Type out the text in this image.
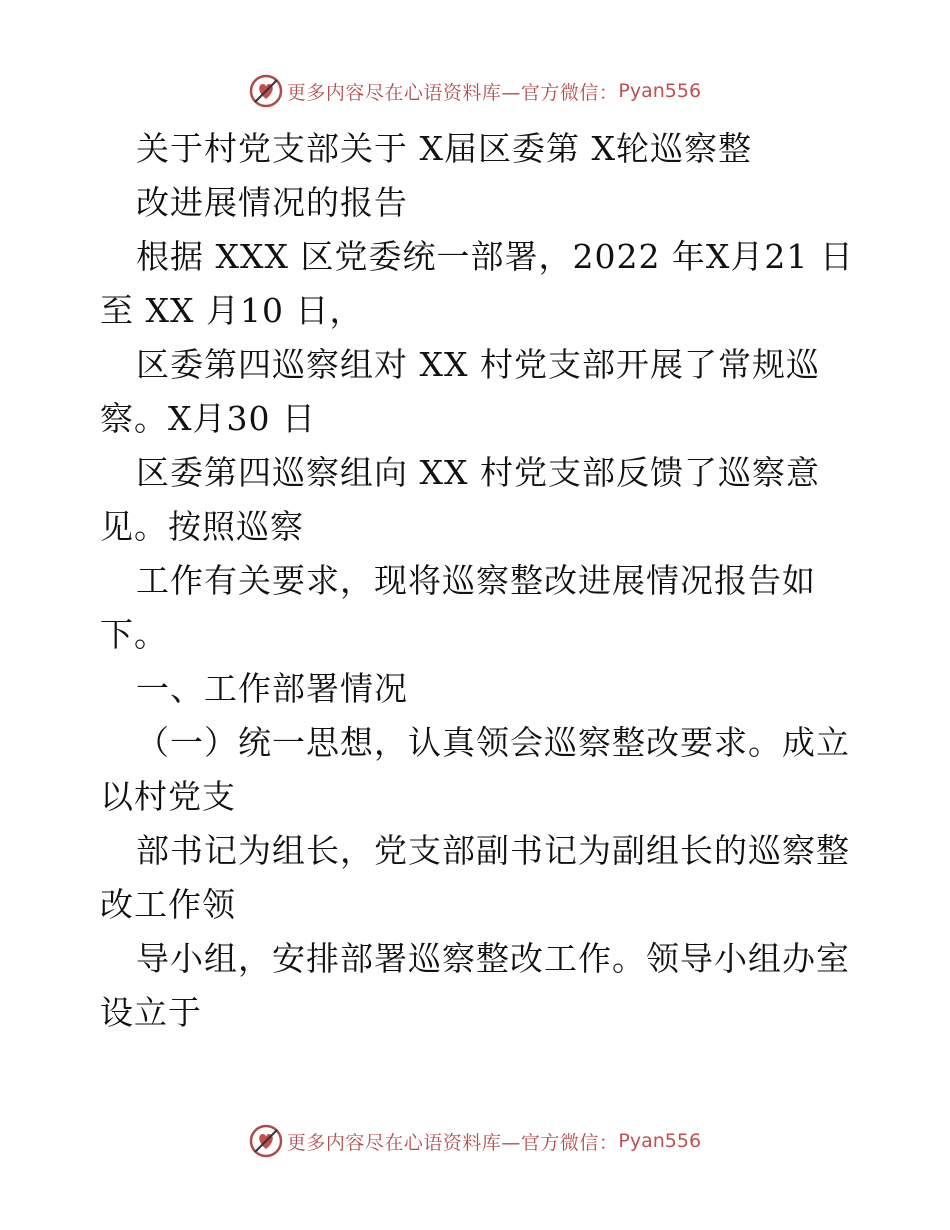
更多内容尽在心语资料库—官方微信： Pyan556
关于村党支部关于 X届区委第 X轮巡察整
改进展情况的报告
根据 XXX 区党委统一部署，2022 年X月21 日
至 XX 月10 日，
区委第四巡察组对 XX 村党支部开展了常规巡
察。X月30 日
区委第四巡察组向 XX 村党支部反馈了巡察意
见。按照巡察
工作有关要求，现将巡察整改进展情况报告如
下。
一、工作部署情况
（一）统一思想，认真领会巡察整改要求。成立
以村党支
部书记为组长，党支部副书记为副组长的巡察整
改工作领
导小组，安排部署巡察整改工作。领导小组办室
设立于
更多内容尽在心语资料库—官方微信： Pyan556
